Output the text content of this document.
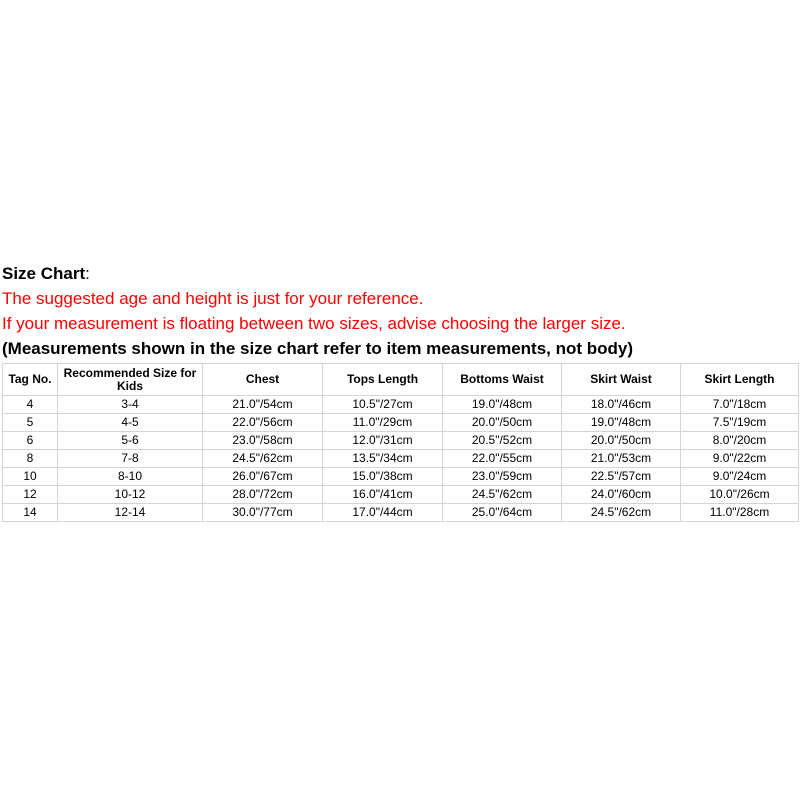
Size Chart:
The suggested age and height is just for your reference.
If your measurement is floating between two sizes, advise choosing the larger size.
(Measurements shown in the size chart refer to item measurements, not body)
Tag No.	Recommended Size for Kids	Chest	Tops Length	Bottoms Waist	Skirt Waist	Skirt Length
4	3-4	21.0"/54cm	10.5"/27cm	19.0"/48cm	18.0"/46cm	7.0"/18cm
5	4-5	22.0"/56cm	11.0"/29cm	20.0"/50cm	19.0"/48cm	7.5"/19cm
6	5-6	23.0"/58cm	12.0"/31cm	20.5"/52cm	20.0"/50cm	8.0"/20cm
8	7-8	24.5"/62cm	13.5"/34cm	22.0"/55cm	21.0"/53cm	9.0"/22cm
10	8-10	26.0"/67cm	15.0"/38cm	23.0"/59cm	22.5"/57cm	9.0"/24cm
12	10-12	28.0"/72cm	16.0"/41cm	24.5"/62cm	24.0"/60cm	10.0"/26cm
14	12-14	30.0"/77cm	17.0"/44cm	25.0"/64cm	24.5"/62cm	11.0"/28cm
